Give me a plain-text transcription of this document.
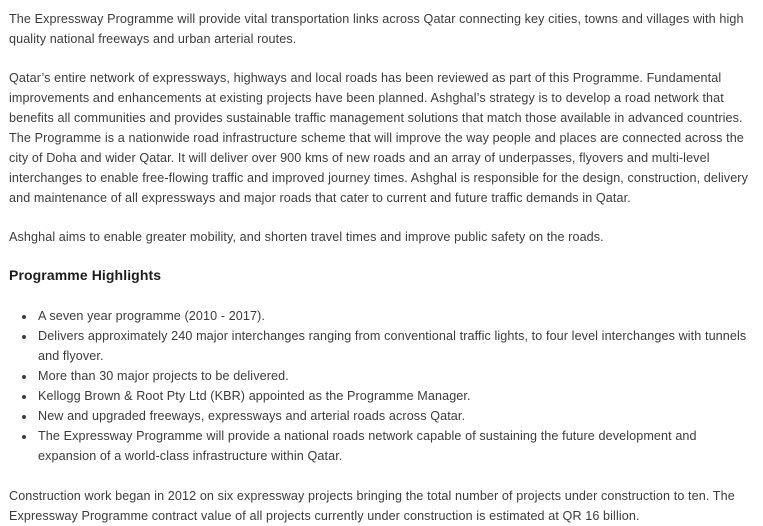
The Expressway Programme will provide vital transportation links across Qatar connecting key cities, towns and villages with high quality national freeways and urban arterial routes.

Qatar’s entire network of expressways, highways and local roads has been reviewed as part of this Programme. Fundamental improvements and enhancements at existing projects have been planned. Ashghal’s strategy is to develop a road network that benefits all communities and provides sustainable traffic management solutions that match those available in advanced countries. The Programme is a nationwide road infrastructure scheme that will improve the way people and places are connected across the city of Doha and wider Qatar. It will deliver over 900 kms of new roads and an array of underpasses, flyovers and multi-level interchanges to enable free-flowing traffic and improved journey times. Ashghal is responsible for the design, construction, delivery and maintenance of all expressways and major roads that cater to current and future traffic demands in Qatar.

Ashghal aims to enable greater mobility, and shorten travel times and improve public safety on the roads.

Programme Highlights
• A seven year programme (2010 - 2017).
• Delivers approximately 240 major interchanges ranging from conventional traffic lights, to four level interchanges with tunnels and flyover.
• More than 30 major projects to be delivered.
• Kellogg Brown & Root Pty Ltd (KBR) appointed as the Programme Manager.
• New and upgraded freeways, expressways and arterial roads across Qatar.
• The Expressway Programme will provide a national roads network capable of sustaining the future development and expansion of a world-class infrastructure within Qatar.

Construction work began in 2012 on six expressway projects bringing the total number of projects under construction to ten. The Expressway Programme contract value of all projects currently under construction is estimated at QR 16 billion.
